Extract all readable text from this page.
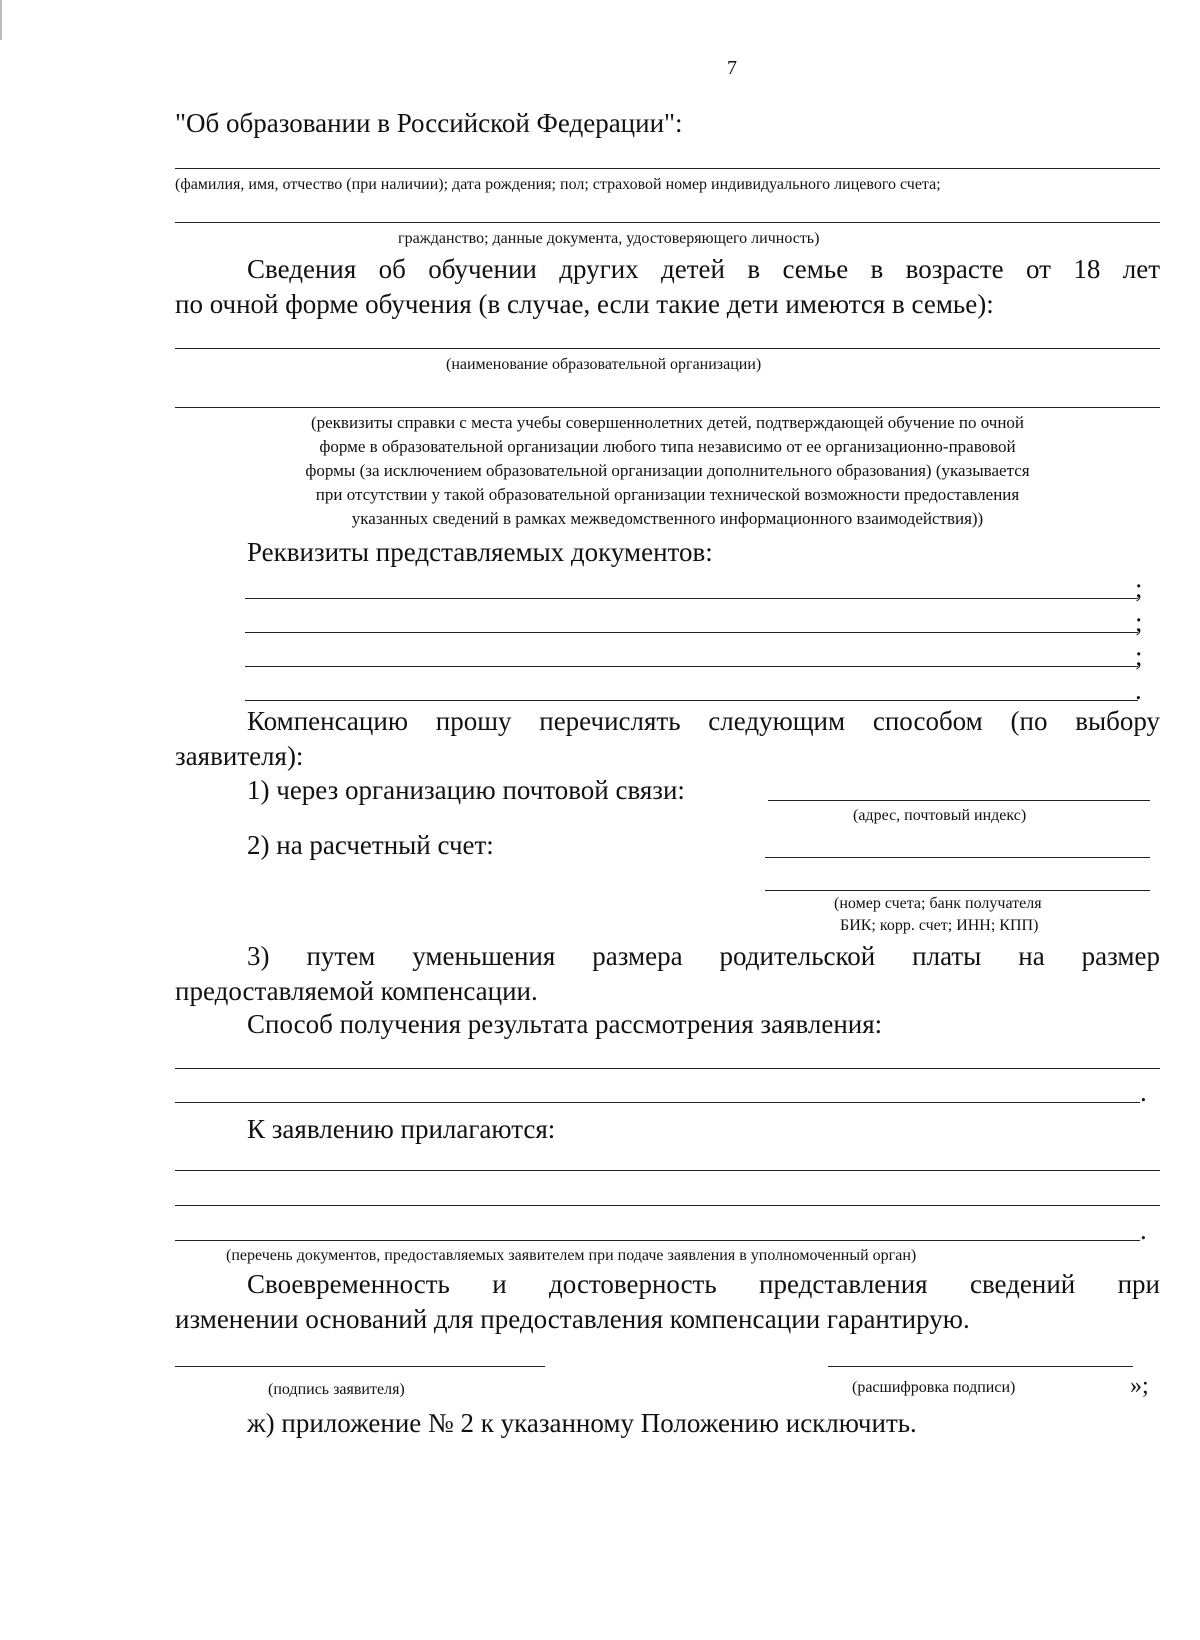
7
"Об образовании в Российской Федерации":
(фамилия, имя, отчество (при наличии); дата рождения; пол; страховой номер индивидуального лицевого счета;
гражданство; данные документа, удостоверяющего личность)
Сведения об обучении других детей в семье в возрасте от 18 лет
по очной форме обучения (в случае, если такие дети имеются в семье):
(наименование образовательной организации)
(реквизиты справки с места учебы совершеннолетних детей, подтверждающей обучение по очной
форме в образовательной организации любого типа независимо от ее организационно-правовой
формы (за исключением образовательной организации дополнительного образования) (указывается
при отсутствии у такой образовательной организации технической возможности предоставления
указанных сведений в рамках межведомственного информационного взаимодействия))
Реквизиты представляемых документов:
;
;
;
.
Компенсацию прошу перечислять следующим способом (по выбору
заявителя):
1) через организацию почтовой связи:
(адрес, почтовый индекс)
2) на расчетный счет:
(номер счета; банк получателя
БИК; корр. счет; ИНН; КПП)
3) путем уменьшения размера родительской платы на размер
предоставляемой компенсации.
Способ получения результата рассмотрения заявления:
.
К заявлению прилагаются:
.
(перечень документов, предоставляемых заявителем при подаче заявления в уполномоченный орган)
Своевременность и достоверность представления сведений при
изменении оснований для предоставления компенсации гарантирую.
(подпись заявителя)	(расшифровка подписи)	»;
ж) приложение № 2 к указанному Положению исключить.
